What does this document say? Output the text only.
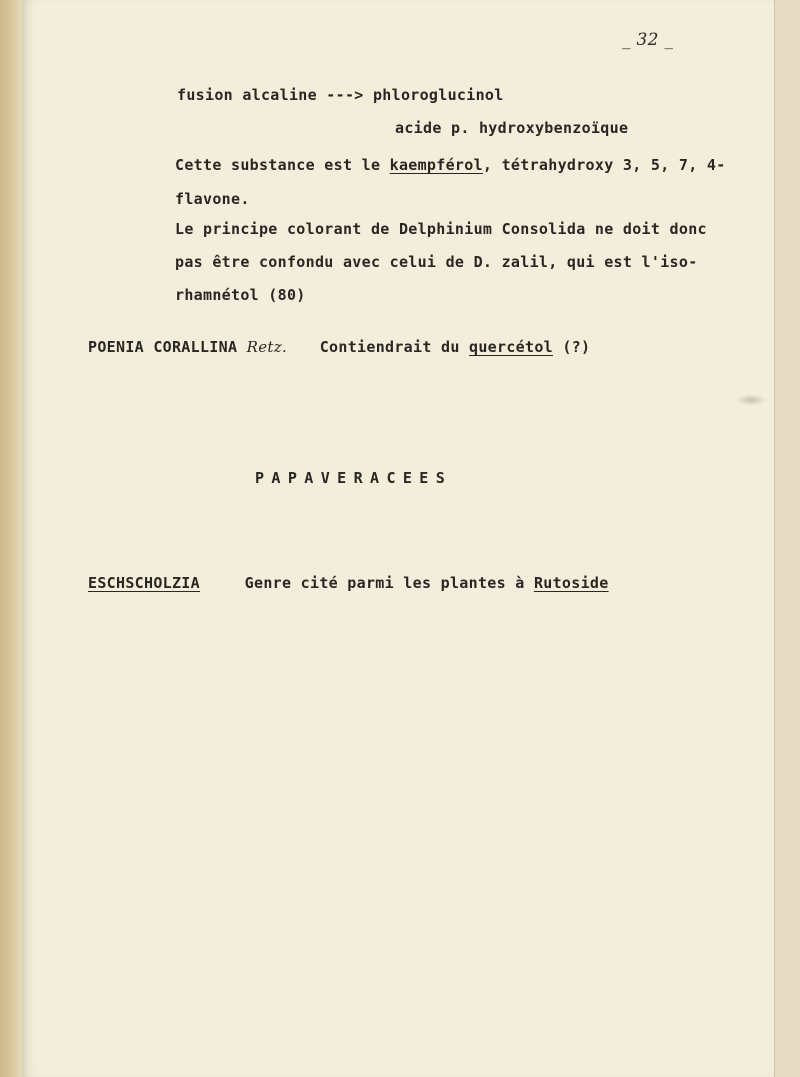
_ 32 _
fusion alcaline ---> phloroglucinol
acide p. hydroxybenzoïque
Cette substance est le kaempférol, tétrahydroxy 3, 5, 7, 4-
flavone.
Le principe colorant de Delphinium Consolida ne doit donc
pas être confondu avec celui de D. zalil, qui est l'iso-
rhamnétol (80)
POENIA CORALLINA Retz. Contiendrait du quercétol (?)
PAPAVERACEES
ESCHSCHOLZIA	Genre cité parmi les plantes à Rutoside
